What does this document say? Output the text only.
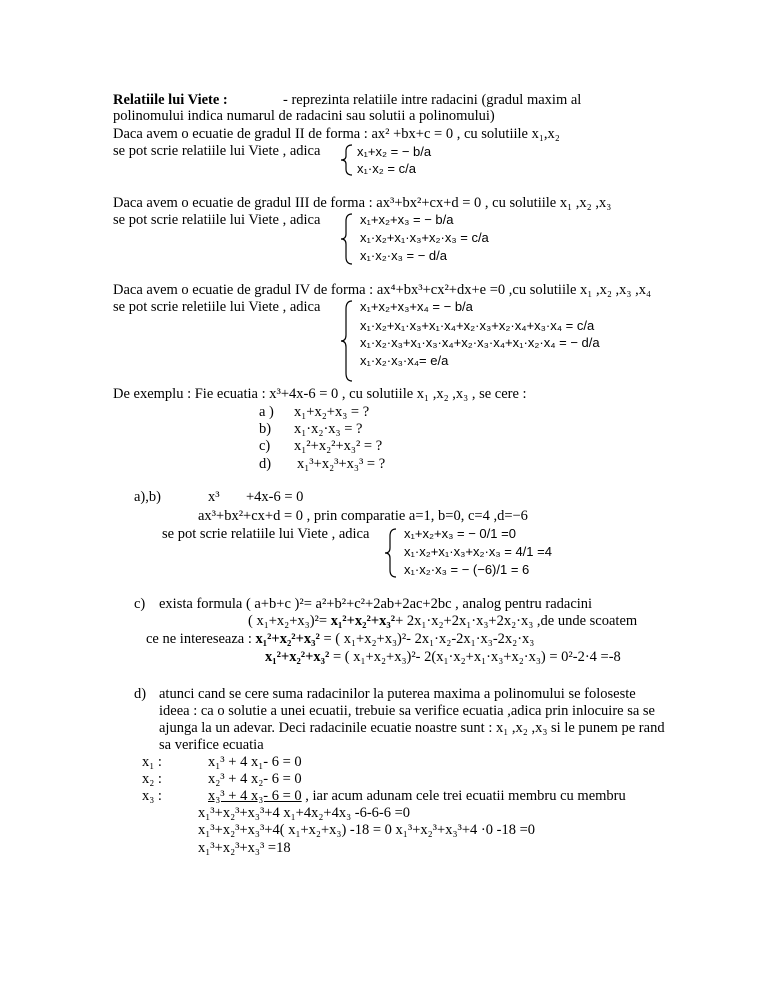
Relatiile lui Viete :	- reprezinta relatiile intre radacini (gradul maxim al
polinomului indica numarul de radacini sau solutii a polinomului)
Daca avem o ecuatie de gradul II de forma : ax² +bx+c = 0 , cu solutiile x₁,x₂
se pot scrie relatiile lui Viete , adica	x₁+x₂ = − b/a
x₁·x₂ = c/a
Daca avem o ecuatie de gradul III de forma : ax³+bx²+cx+d = 0 , cu solutiile x₁ ,x₂ ,x₃
se pot scrie relatiile lui Viete , adica	x₁+x₂+x₃ = − b/a
x₁·x₂+x₁·x₃+x₂·x₃ = c/a
x₁·x₂·x₃ = − d/a
Daca avem o ecuatie de gradul IV de forma : ax⁴+bx³+cx²+dx+e =0 ,cu solutiile x₁ ,x₂ ,x₃ ,x₄
se pot scrie reletiile lui Viete , adica	x₁+x₂+x₃+x₄ = − b/a
x₁·x₂+x₁·x₃+x₁·x₄+x₂·x₃+x₂·x₄+x₃·x₄ = c/a
x₁·x₂·x₃+x₁·x₃·x₄+x₂·x₃·x₄+x₁·x₂·x₄ = − d/a
x₁·x₂·x₃·x₄= e/a
De exemplu : Fie ecuatia : x³+4x-6 = 0 , cu solutiile x₁ ,x₂ ,x₃ , se cere :
a ) x₁+x₂+x₃ = ?
b) x₁·x₂·x₃ = ?
c) x₁²+x₂²+x₃² = ?
d) x₁³+x₂³+x₃³ = ?
a),b)	x³ +4x-6 = 0
ax³+bx²+cx+d = 0 , prin comparatie a=1, b=0, c=4 ,d=−6
se pot scrie relatiile lui Viete , adica	x₁+x₂+x₃ = − 0/1 =0
x₁·x₂+x₁·x₃+x₂·x₃ = 4/1 =4
x₁·x₂·x₃ = − (−6)/1 = 6
c) exista formula ( a+b+c )²= a²+b²+c²+2ab+2ac+2bc , analog pentru radacini
( x₁+x₂+x₃)²= x₁²+x₂²+x₃²+ 2x₁·x₂+2x₁·x₃+2x₂·x₃ ,de unde scoatem
ce ne intereseaza : x₁²+x₂²+x₃² = ( x₁+x₂+x₃)²- 2x₁·x₂-2x₁·x₃-2x₂·x₃
x₁²+x₂²+x₃² = ( x₁+x₂+x₃)²- 2(x₁·x₂+x₁·x₃+x₂·x₃) = 0²-2·4 =-8
d) atunci cand se cere suma radacinilor la puterea maxima a polinomului se foloseste
ideea : ca o solutie a unei ecuatii, trebuie sa verifice ecuatia ,adica prin inlocuire sa se
ajunga la un adevar. Deci radacinile ecuatie noastre sunt : x₁ ,x₂ ,x₃ si le punem pe rand
sa verifice ecuatia
x₁ :	x₁³ + 4 x₁- 6 = 0
x₂ :	x₂³ + 4 x₂- 6 = 0
x₃ :	x₃³ + 4 x₃- 6 = 0 , iar acum adunam cele trei ecuatii membru cu membru
x₁³+x₂³+x₃³+4 x₁+4x₂+4x₃ -6-6-6 =0
x₁³+x₂³+x₃³+4( x₁+x₂+x₃) -18 = 0 x₁³+x₂³+x₃³+4 ·0 -18 =0
x₁³+x₂³+x₃³ =18
